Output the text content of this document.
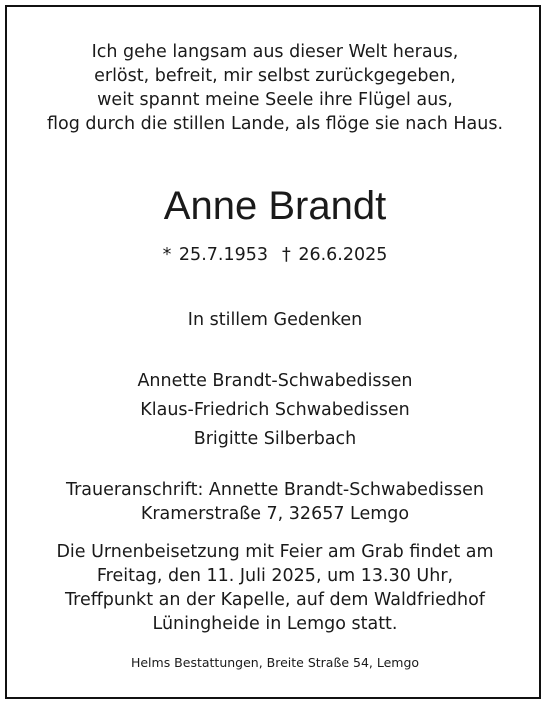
Ich gehe langsam aus dieser Welt heraus,
erlöst, befreit, mir selbst zurückgegeben,
weit spannt meine Seele ihre Flügel aus,
flog durch die stillen Lande, als flöge sie nach Haus.
Anne Brandt
* 25.7.1953 † 26.6.2025
In stillem Gedenken
Annette Brandt-Schwabedissen
Klaus-Friedrich Schwabedissen
Brigitte Silberbach
Traueranschrift: Annette Brandt-Schwabedissen
Kramerstraße 7, 32657 Lemgo
Die Urnenbeisetzung mit Feier am Grab findet am
Freitag, den 11. Juli 2025, um 13.30 Uhr,
Treffpunkt an der Kapelle, auf dem Waldfriedhof
Lüningheide in Lemgo statt.
Helms Bestattungen, Breite Straße 54, Lemgo
